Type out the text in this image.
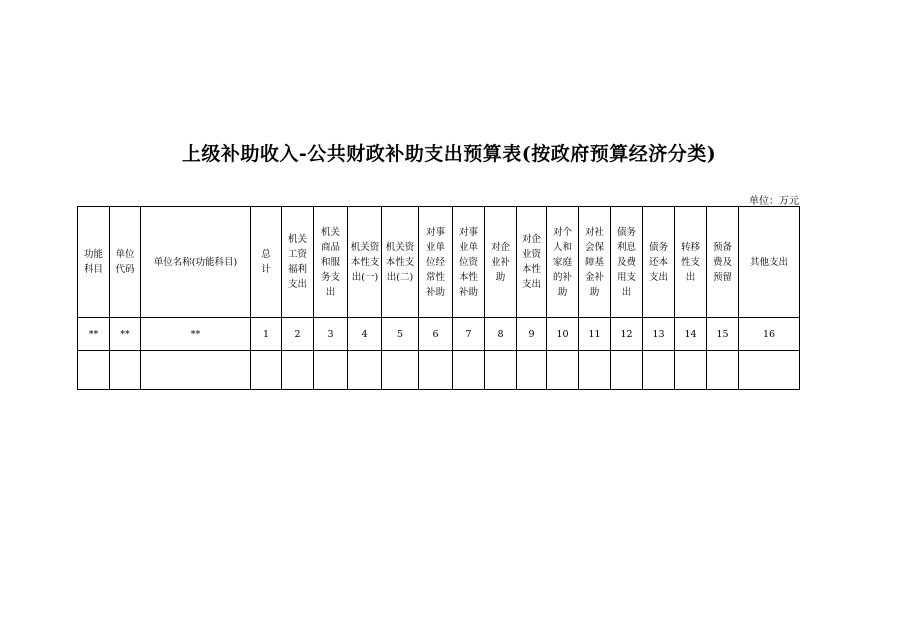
上级补助收入-公共财政补助支出预算表(按政府预算经济分类)
单位：万元
功能科目	单位代码	单位名称(功能科目)	总计	机关工资福利支出	机关商品和服务支出	机关资本性支出(一)	机关资本性支出(二)	对事业单位经常性补助	对事业单位资本性补助	对企业补助	对企业资本性支出	对个人和家庭的补助	对社会保障基金补助	债务利息及费用支出	债务还本支出	转移性支出	预备费及预留	其他支出
**	**	**	1	2	3	4	5	6	7	8	9	10	11	12	13	14	15	16
